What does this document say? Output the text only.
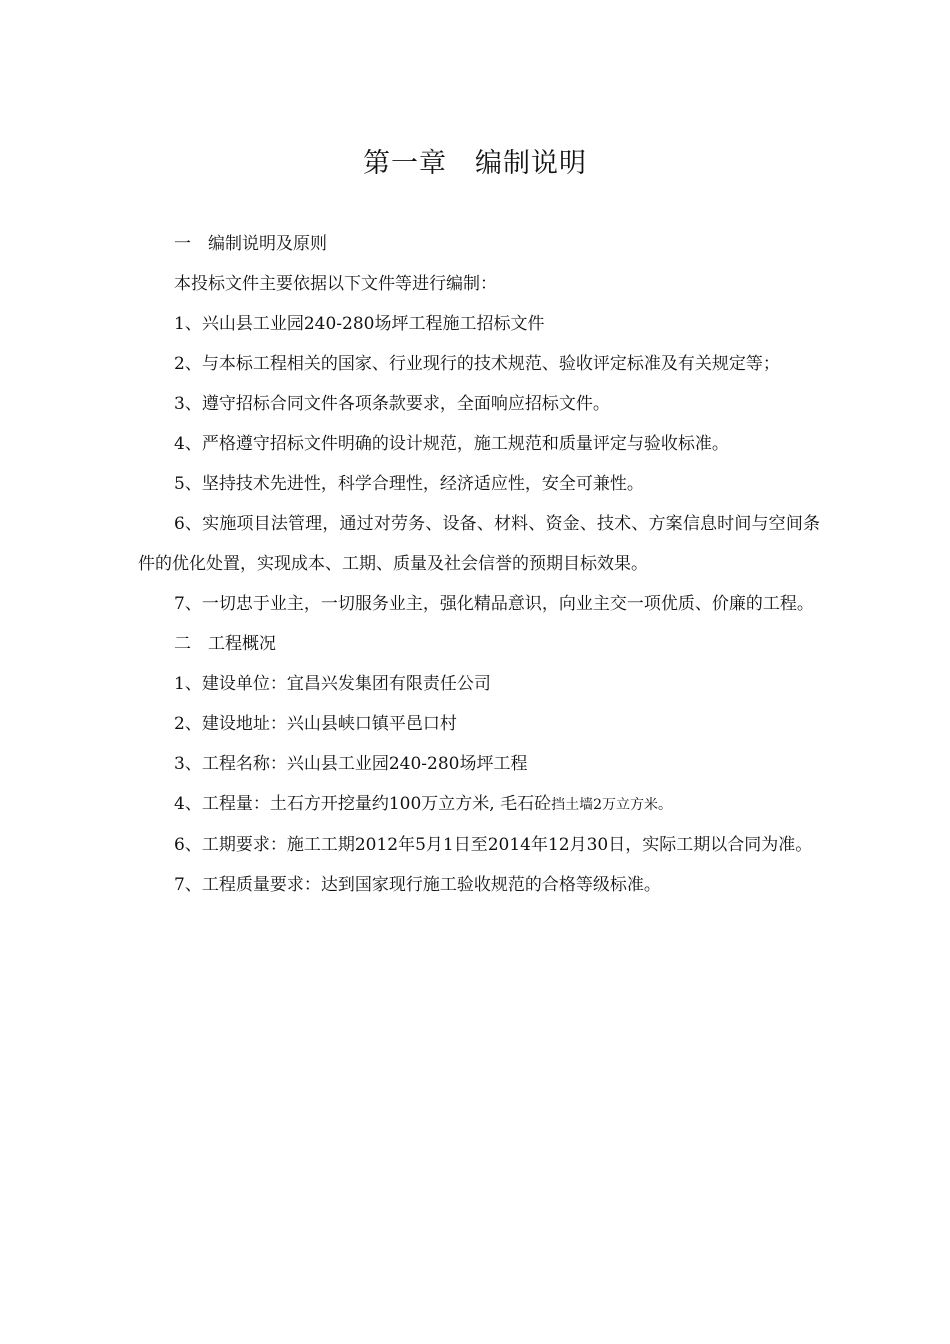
第一章　编制说明

一　编制说明及原则

本投标文件主要依据以下文件等进行编制：

1、兴山县工业园240-280场坪工程施工招标文件

2、与本标工程相关的国家、行业现行的技术规范、验收评定标准及有关规定等；

3、遵守招标合同文件各项条款要求，全面响应招标文件。

4、严格遵守招标文件明确的设计规范，施工规范和质量评定与验收标准。

5、坚持技术先进性，科学合理性，经济适应性，安全可兼性。

6、实施项目法管理，通过对劳务、设备、材料、资金、技术、方案信息时间与空间条件的优化处置，实现成本、工期、质量及社会信誉的预期目标效果。

7、一切忠于业主，一切服务业主，强化精品意识，向业主交一项优质、价廉的工程。

二　工程概况

1、建设单位：宜昌兴发集团有限责任公司

2、建设地址：兴山县峡口镇平邑口村

3、工程名称：兴山县工业园240-280场坪工程

4、工程量：土石方开挖量约100万立方米, 毛石砼挡土墙2万立方米。

6、工期要求：施工工期2012年5月1日至2014年12月30日，实际工期以合同为准。

7、工程质量要求：达到国家现行施工验收规范的合格等级标准。
